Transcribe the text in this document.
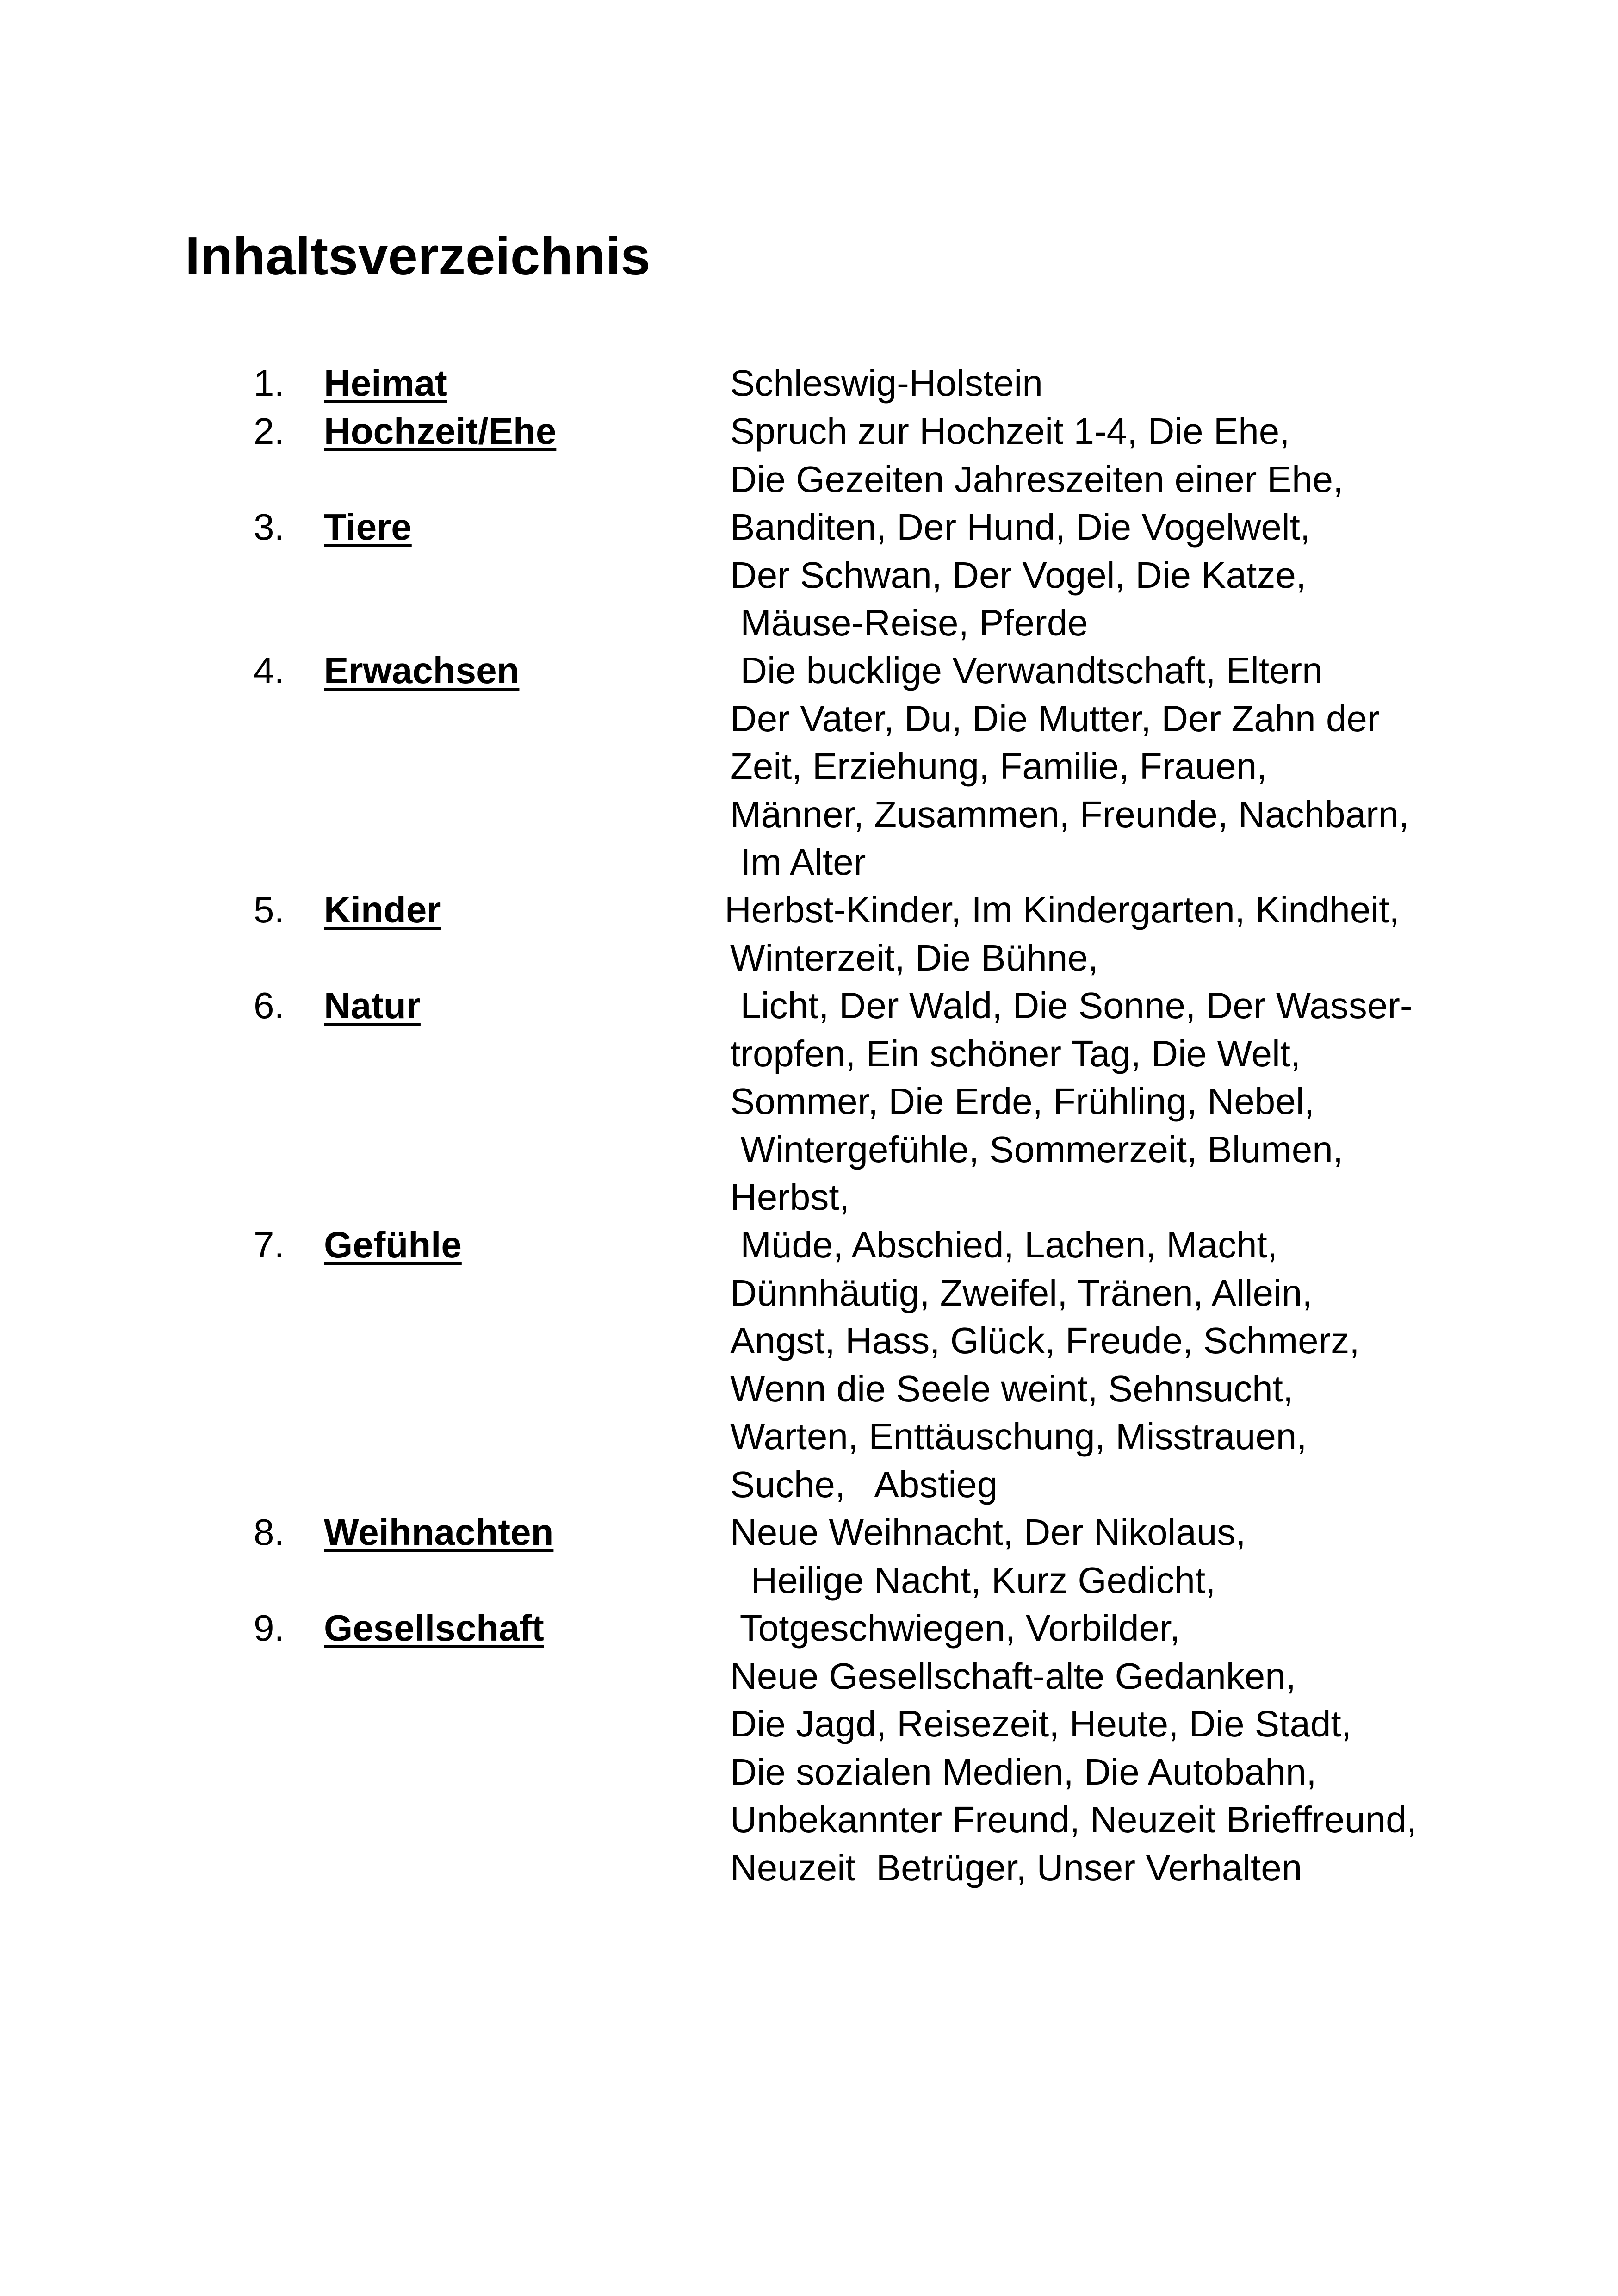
Inhaltsverzeichnis
1. Heimat	Schleswig-Holstein
2. Hochzeit/Ehe	Spruch zur Hochzeit 1-4, Die Ehe,
Die Gezeiten Jahreszeiten einer Ehe,
3. Tiere	Banditen, Der Hund, Die Vogelwelt,
Der Schwan, Der Vogel, Die Katze,
Mäuse-Reise, Pferde
4. Erwachsen	Die bucklige Verwandtschaft, Eltern
Der Vater, Du, Die Mutter, Der Zahn der
Zeit, Erziehung, Familie, Frauen,
Männer, Zusammen, Freunde, Nachbarn,
Im Alter
5. Kinder	Herbst-Kinder, Im Kindergarten, Kindheit,
Winterzeit, Die Bühne,
6. Natur	Licht, Der Wald, Die Sonne, Der Wasser-
tropfen, Ein schöner Tag, Die Welt,
Sommer, Die Erde, Frühling, Nebel,
Wintergefühle, Sommerzeit, Blumen,
Herbst,
7. Gefühle	Müde, Abschied, Lachen, Macht,
Dünnhäutig, Zweifel, Tränen, Allein,
Angst, Hass, Glück, Freude, Schmerz,
Wenn die Seele weint, Sehnsucht,
Warten, Enttäuschung, Misstrauen,
Suche,   Abstieg
8. Weihnachten	Neue Weihnacht, Der Nikolaus,
Heilige Nacht, Kurz Gedicht,
9. Gesellschaft	Totgeschwiegen, Vorbilder,
Neue Gesellschaft-alte Gedanken,
Die Jagd, Reisezeit, Heute, Die Stadt,
Die sozialen Medien, Die Autobahn,
Unbekannter Freund, Neuzeit Brieffreund,
Neuzeit  Betrüger, Unser Verhalten
